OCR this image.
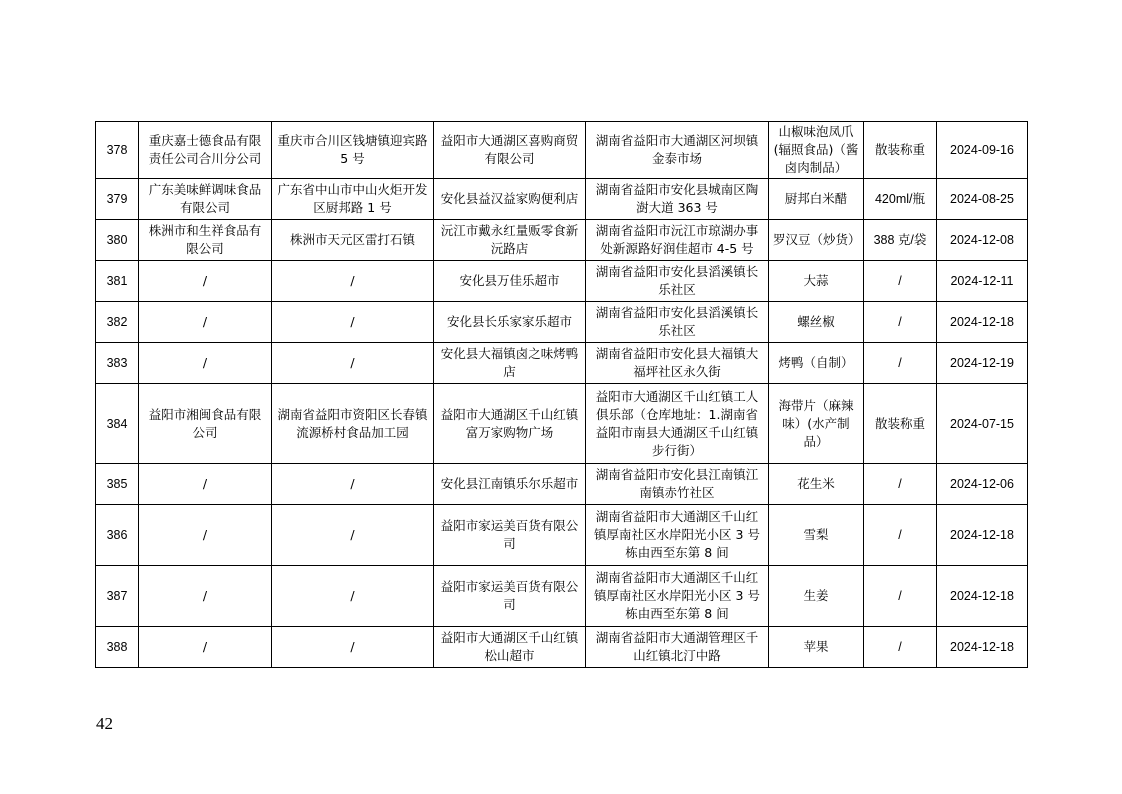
378	重庆嘉士德食品有限责任公司合川分公司	重庆市合川区钱塘镇迎宾路 5 号	益阳市大通湖区喜购商贸有限公司	湖南省益阳市大通湖区河坝镇金泰市场	山椒味泡凤爪(辐照食品)（酱卤肉制品）	散装称重	2024-09-16
379	广东美味鲜调味食品有限公司	广东省中山市中山火炬开发区厨邦路 1 号	安化县益汉益家购便利店	湖南省益阳市安化县城南区陶澍大道 363 号	厨邦白米醋	420ml/瓶	2024-08-25
380	株洲市和生祥食品有限公司	株洲市天元区雷打石镇	沅江市戴永红量贩零食新沅路店	湖南省益阳市沅江市琼湖办事处新源路好润佳超市 4-5 号	罗汉豆（炒货）	388 克/袋	2024-12-08
381	/	/	安化县万佳乐超市	湖南省益阳市安化县滔溪镇长乐社区	大蒜	/	2024-12-11
382	/	/	安化县长乐家家乐超市	湖南省益阳市安化县滔溪镇长乐社区	螺丝椒	/	2024-12-18
383	/	/	安化县大福镇卤之味烤鸭店	湖南省益阳市安化县大福镇大福坪社区永久街	烤鸭（自制）	/	2024-12-19
384	益阳市湘闽食品有限公司	湖南省益阳市资阳区长春镇流源桥村食品加工园	益阳市大通湖区千山红镇富万家购物广场	益阳市大通湖区千山红镇工人俱乐部（仓库地址：1.湖南省益阳市南县大通湖区千山红镇步行街）	海带片（麻辣味）(水产制品）	散装称重	2024-07-15
385	/	/	安化县江南镇乐尔乐超市	湖南省益阳市安化县江南镇江南镇赤竹社区	花生米	/	2024-12-06
386	/	/	益阳市家运美百货有限公司	湖南省益阳市大通湖区千山红镇厚南社区水岸阳光小区 3 号栋由西至东第 8 间	雪梨	/	2024-12-18
387	/	/	益阳市家运美百货有限公司	湖南省益阳市大通湖区千山红镇厚南社区水岸阳光小区 3 号栋由西至东第 8 间	生姜	/	2024-12-18
388	/	/	益阳市大通湖区千山红镇松山超市	湖南省益阳市大通湖管理区千山红镇北汀中路	苹果	/	2024-12-18
42
